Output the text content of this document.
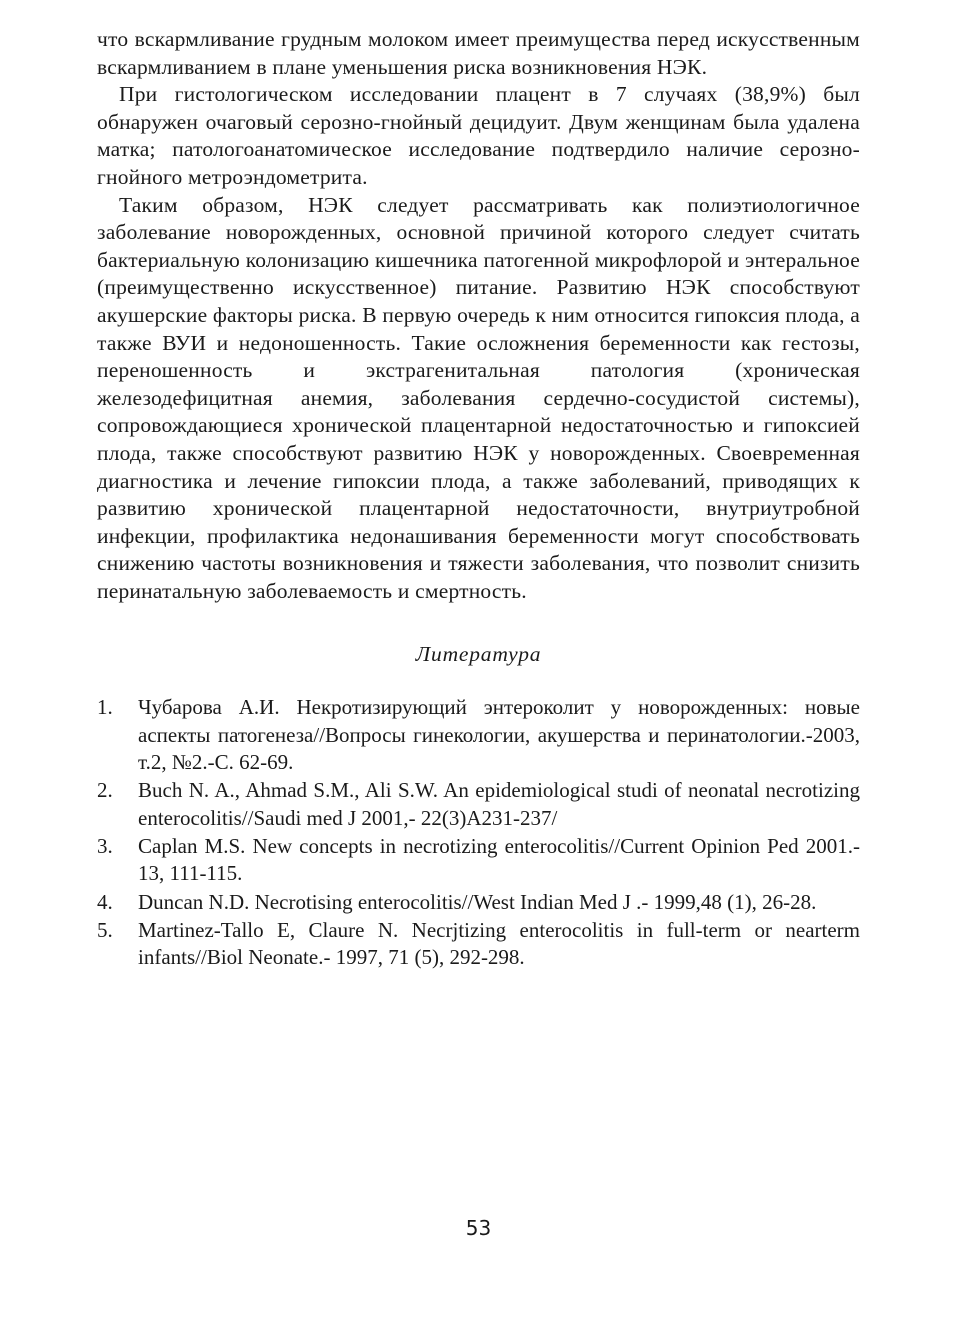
что вскармливание грудным молоком имеет преимущества перед искусственным вскармливанием в плане уменьшения риска возникновения НЭК.

При гистологическом исследовании плацент в 7 случаях (38,9%) был обнаружен очаговый серозно-гнойный децидуит. Двум женщинам была удалена матка; патологоанатомическое исследование подтвердило наличие серозно-гнойного метроэндометрита.

Таким образом, НЭК следует рассматривать как полиэтиологичное заболевание новорожденных, основной причиной которого следует считать бактериальную колонизацию кишечника патогенной микрофлорой и энтеральное (преимущественно искусственное) питание. Развитию НЭК способствуют акушерские факторы риска. В первую очередь к ним относится гипоксия плода, а также ВУИ и недоношенность. Такие осложнения беременности как гестозы, переношенность и экстрагенитальная патология (хроническая железодефицитная анемия, заболевания сердечно-сосудистой системы), сопровождающиеся хронической плацентарной недостаточностью и гипоксией плода, также способствуют развитию НЭК у новорожденных. Своевременная диагностика и лечение гипоксии плода, а также заболеваний, приводящих к развитию хронической плацентарной недостаточности, внутриутробной инфекции, профилактика недонашивания беременности могут способствовать снижению частоты возникновения и тяжести заболевания, что позволит снизить перинатальную заболеваемость и смертность.

Литература
1. Чубарова А.И. Некротизирующий энтероколит у новорожденных: новые аспекты патогенеза//Вопросы гинекологии, акушерства и перинатологии.-2003, т.2, №2.-С. 62-69.
2. Buch N. A., Ahmad S.M., Ali S.W. An epidemiological studi of neonatal necrotizing enterocolitis//Saudi med J 2001,- 22(3)A231-237/
3. Caplan M.S. New concepts in necrotizing enterocolitis//Current Opinion Ped 2001.- 13, 111-115.
4. Duncan N.D. Necrotising enterocolitis//West Indian Med J .- 1999,48 (1), 26-28.
5. Martinez-Tallo E, Claure N. Necrjtizing enterocolitis in full-term or nearterm infants//Biol Neonate.- 1997, 71 (5), 292-298.
53
